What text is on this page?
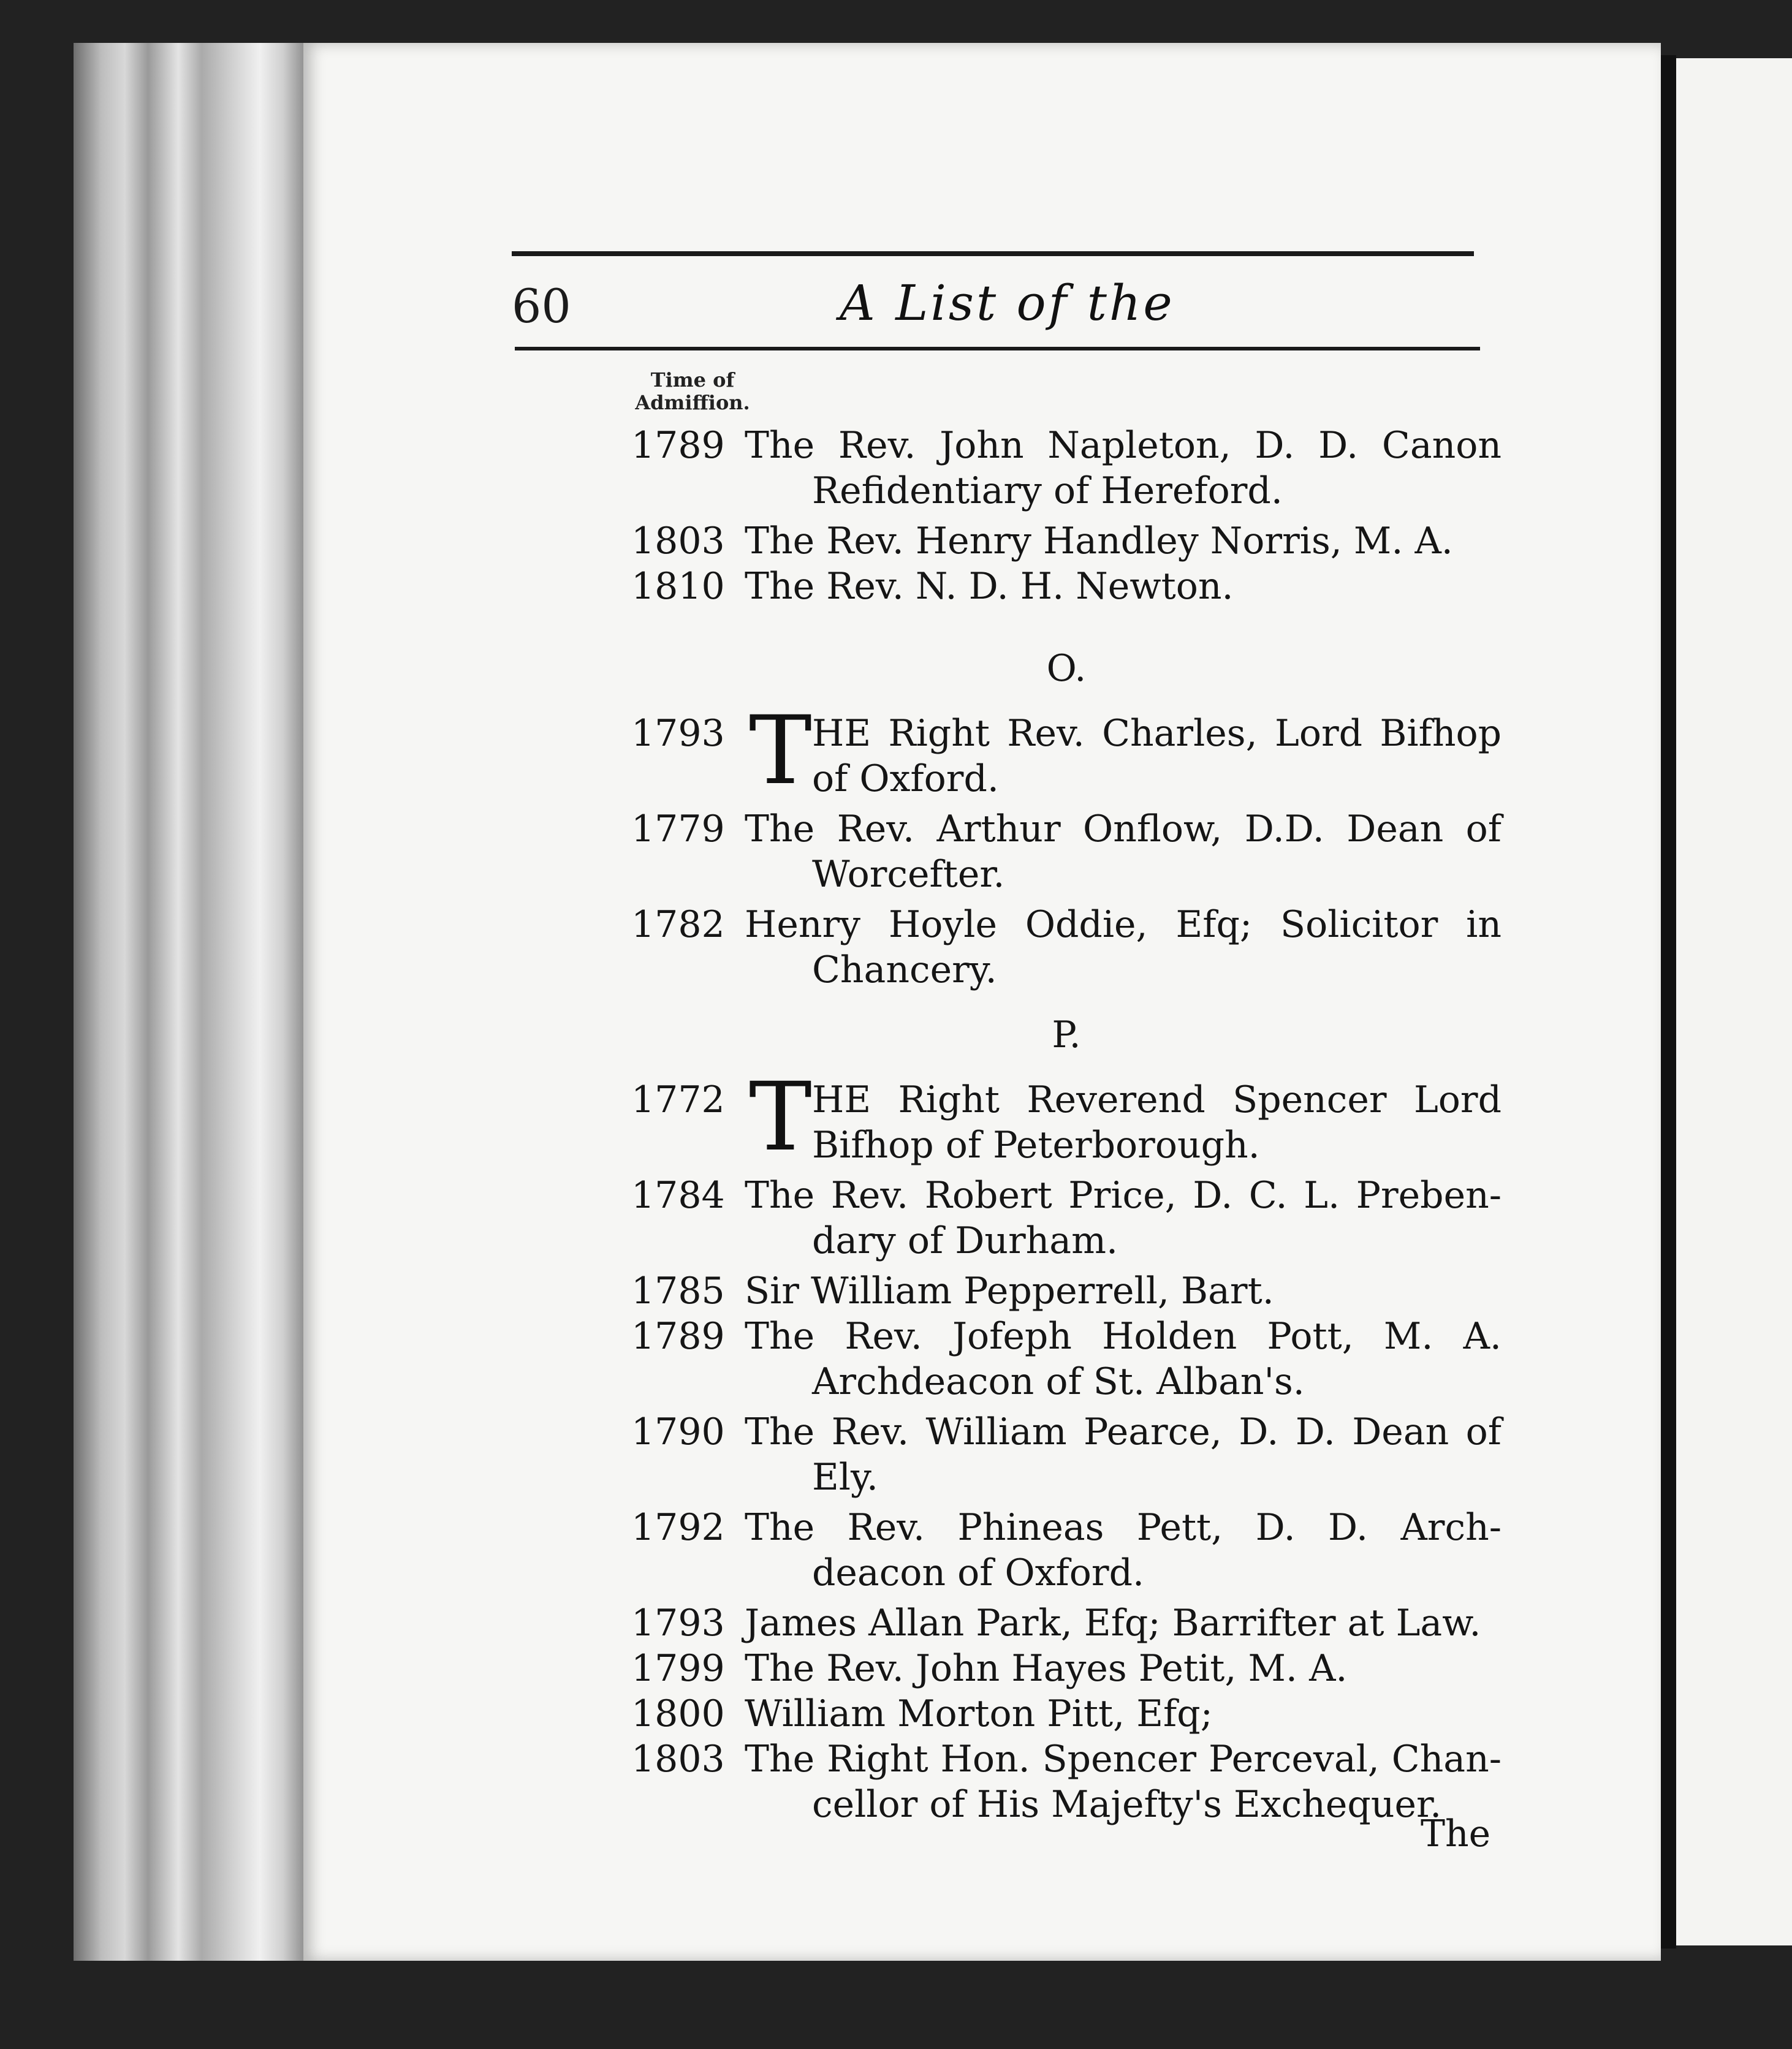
60	A List of the
Time of
Admiffion.
1789 The Rev. John Napleton, D. D. Canon
Refidentiary of Hereford.
1803 The Rev. Henry Handley Norris, M. A.
1810 The Rev. N. D. H. Newton.
O.
1793 T HE Right Rev. Charles, Lord Bifhop
of Oxford.
1779 The Rev. Arthur Onflow, D.D. Dean of
Worcefter.
1782 Henry Hoyle Oddie, Efq; Solicitor in
Chancery.
P.
1772 T HE Right Reverend Spencer Lord
Bifhop of Peterborough.
1784 The Rev. Robert Price, D. C. L. Preben-
dary of Durham.
1785 Sir William Pepperrell, Bart.
1789 The Rev. Jofeph Holden Pott, M. A.
Archdeacon of St. Alban's.
1790 The Rev. William Pearce, D. D. Dean of
Ely.
1792 The Rev. Phineas Pett, D. D. Arch-
deacon of Oxford.
1793 James Allan Park, Efq; Barrifter at Law.
1799 The Rev. John Hayes Petit, M. A.
1800 William Morton Pitt, Efq;
1803 The Right Hon. Spencer Perceval, Chan-
cellor of His Majefty's Exchequer.
The
